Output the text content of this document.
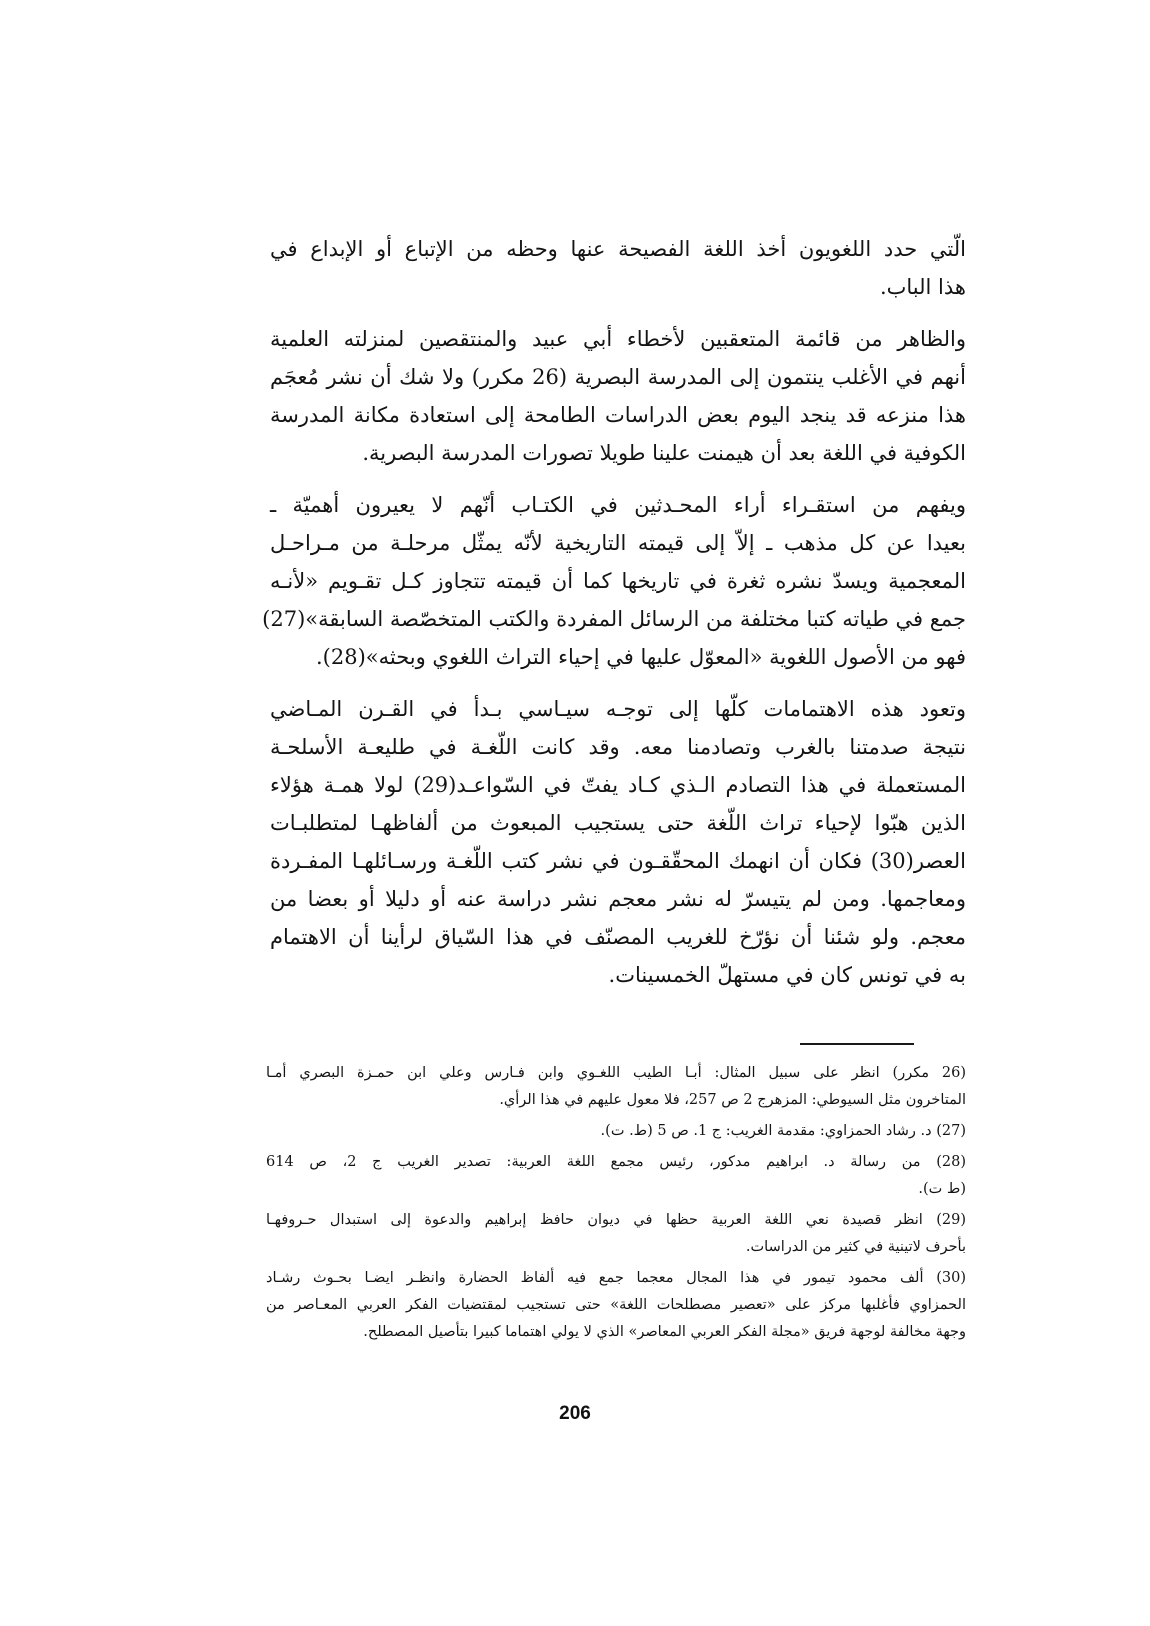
الّتي حدد اللغويون أخذ اللغة الفصيحة عنها وحظه من الإتباع أو الإبداع في
هذا الباب.
والظاهر من قائمة المتعقبين لأخطاء أبي عبيد والمنتقصين لمنزلته العلمية
أنهم في الأغلب ينتمون إلى المدرسة البصرية (26 مكرر) ولا شك أن نشر مُعجَم
هذا منزعه قد ينجد اليوم بعض الدراسات الطامحة إلى استعادة مكانة المدرسة
الكوفية في اللغة بعد أن هيمنت علينا طويلا تصورات المدرسة البصرية.
ويفهم من استقـراء أراء المحـدثين في الكتـاب أنّهم لا يعيرون أهميّة ـ
بعيدا عن كل مذهب ـ إلاّ إلى قيمته التاريخية لأنّه يمثّل مرحلـة من مـراحـل
المعجمية ويسدّ نشره ثغرة في تاريخها كما أن قيمته تتجاوز كـل تقـويم «لأنـه
جمع في طياته كتبا مختلفة من الرسائل المفردة والكتب المتخصّصة السابقة»(27)
فهو من الأصول اللغوية «المعوّل عليها في إحياء التراث اللغوي وبحثه»(28).
وتعود هذه الاهتمامات كلّها إلى توجـه سيـاسي بـدأ في القـرن المـاضي
نتيجة صدمتنا بالغرب وتصادمنا معه. وقد كانت اللّغـة في طليعـة الأسلحـة
المستعملة في هذا التصادم الـذي كـاد يفتّ في السّواعـد(29) لولا همـة هؤلاء
الذين هبّوا لإحياء تراث اللّغة حتى يستجيب المبعوث من ألفاظهـا لمتطلبـات
العصر(30) فكان أن انهمك المحقّقـون في نشر كتب اللّغـة ورسـائلهـا المفـردة
ومعاجمها. ومن لم يتيسرّ له نشر معجم نشر دراسة عنه أو دليلا أو بعضا من
معجم. ولو شئنا أن نؤرّخ للغريب المصنّف في هذا السّياق لرأينا أن الاهتمام
به في تونس كان في مستهلّ الخمسينات.
(26 مكرر) انظر على سبيل المثال: أبـا الطيب اللغـوي وابن فـارس وعلي ابن حمـزة البصري أمـا
المتاخرون مثل السيوطي: المزهرج 2 ص 257، فلا معول عليهم في هذا الرأي.
(27) د. رشاد الحمزاوي: مقدمة الغريب: ج 1. ص 5 (ط. ت).
(28) من رسالة د. ابراهيم مدكور، رئيس مجمع اللغة العربية: تصدير الغريب ج 2، ص 614
(ط ت).
(29) انظر قصيدة نعي اللغة العربية حظها في ديوان حافظ إبراهيم والدعوة إلى استبدال حـروفهـا
بأحرف لاتينية في كثير من الدراسات.
(30) ألف محمود تيمور في هذا المجال معجما جمع فيه ألفاظ الحضارة وانظـر ايضـا بحـوث رشـاد
الحمزاوي فأغلبها مركز على «تعصير مصطلحات اللغة» حتى تستجيب لمقتضيات الفكر العربي المعـاصر من
وجهة مخالفة لوجهة فريق «مجلة الفكر العربي المعاصر» الذي لا يولي اهتماما كبيرا بتأصيل المصطلح.
206
